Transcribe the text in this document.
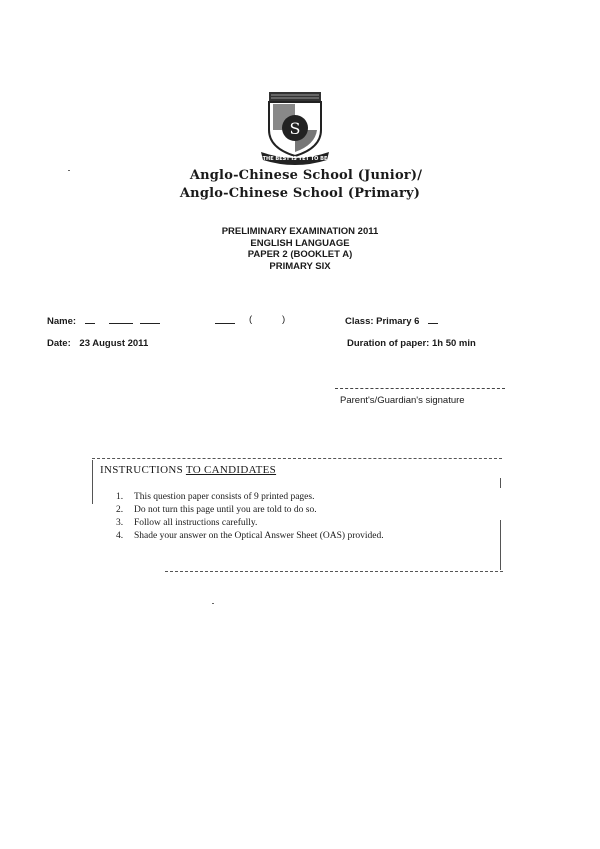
S
THE BEST IS YET TO BE
Anglo-Chinese School (Junior)/
Anglo-Chinese School (Primary)
PRELIMINARY EXAMINATION 2011
ENGLISH LANGUAGE
PAPER 2 (BOOKLET A)
PRIMARY SIX
Name:	(	)	Class: Primary 6
Date: 23 August 2011	Duration of paper: 1h 50 min
Parent's/Guardian's signature
INSTRUCTIONS TO CANDIDATES
1. This question paper consists of 9 printed pages.
2. Do not turn this page until you are told to do so.
3. Follow all instructions carefully.
4. Shade your answer on the Optical Answer Sheet (OAS) provided.
